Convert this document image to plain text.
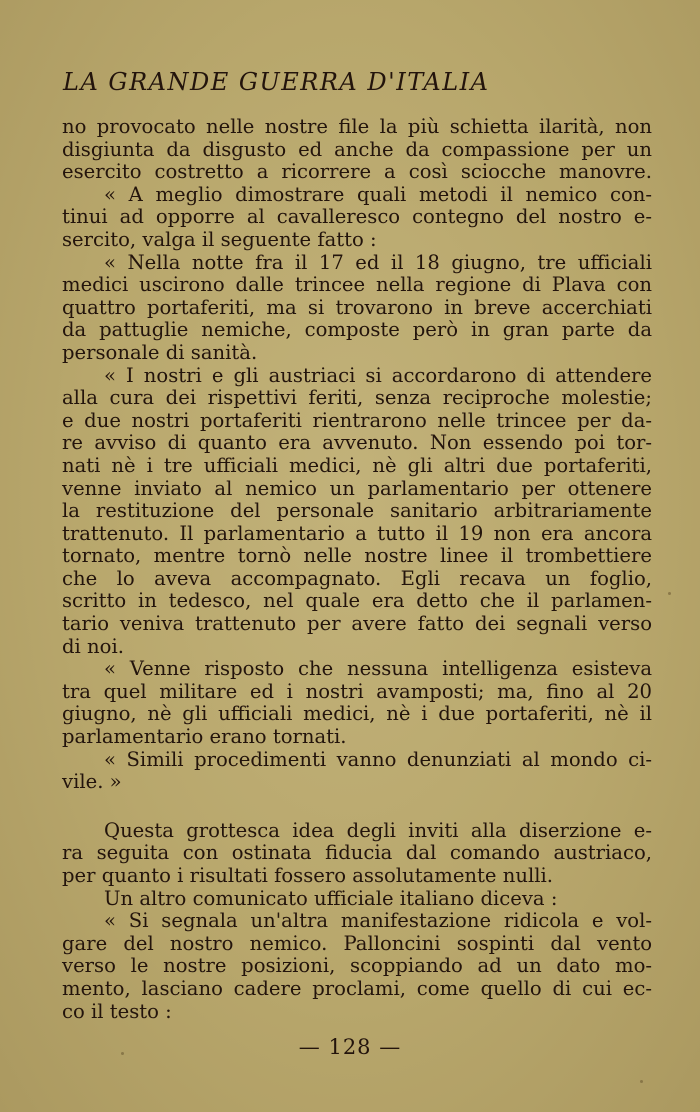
LA GRANDE GUERRA D'ITALIA
no provocato nelle nostre file la più schietta ilarità, non
disgiunta da disgusto ed anche da compassione per un
esercito costretto a ricorrere a così sciocche manovre.
« A meglio dimostrare quali metodi il nemico con-
tinui ad opporre al cavalleresco contegno del nostro e-
sercito, valga il seguente fatto :
« Nella notte fra il 17 ed il 18 giugno, tre ufficiali
medici uscirono dalle trincee nella regione di Plava con
quattro portaferiti, ma si trovarono in breve accerchiati
da pattuglie nemiche, composte però in gran parte da
personale di sanità.
« I nostri e gli austriaci si accordarono di attendere
alla cura dei rispettivi feriti, senza reciproche molestie;
e due nostri portaferiti rientrarono nelle trincee per da-
re avviso di quanto era avvenuto. Non essendo poi tor-
nati nè i tre ufficiali medici, nè gli altri due portaferiti,
venne inviato al nemico un parlamentario per ottenere
la restituzione del personale sanitario arbitrariamente
trattenuto. Il parlamentario a tutto il 19 non era ancora
tornato, mentre tornò nelle nostre linee il trombettiere
che lo aveva accompagnato. Egli recava un foglio,
scritto in tedesco, nel quale era detto che il parlamen-
tario veniva trattenuto per avere fatto dei segnali verso
di noi.
« Venne risposto che nessuna intelligenza esisteva
tra quel militare ed i nostri avamposti; ma, fino al 20
giugno, nè gli ufficiali medici, nè i due portaferiti, nè il
parlamentario erano tornati.
« Simili procedimenti vanno denunziati al mondo ci-
vile. »
Questa grottesca idea degli inviti alla diserzione e-
ra seguita con ostinata fiducia dal comando austriaco,
per quanto i risultati fossero assolutamente nulli.
Un altro comunicato ufficiale italiano diceva :
« Si segnala un'altra manifestazione ridicola e vol-
gare del nostro nemico. Palloncini sospinti dal vento
verso le nostre posizioni, scoppiando ad un dato mo-
mento, lasciano cadere proclami, come quello di cui ec-
co il testo :
— 128 —
